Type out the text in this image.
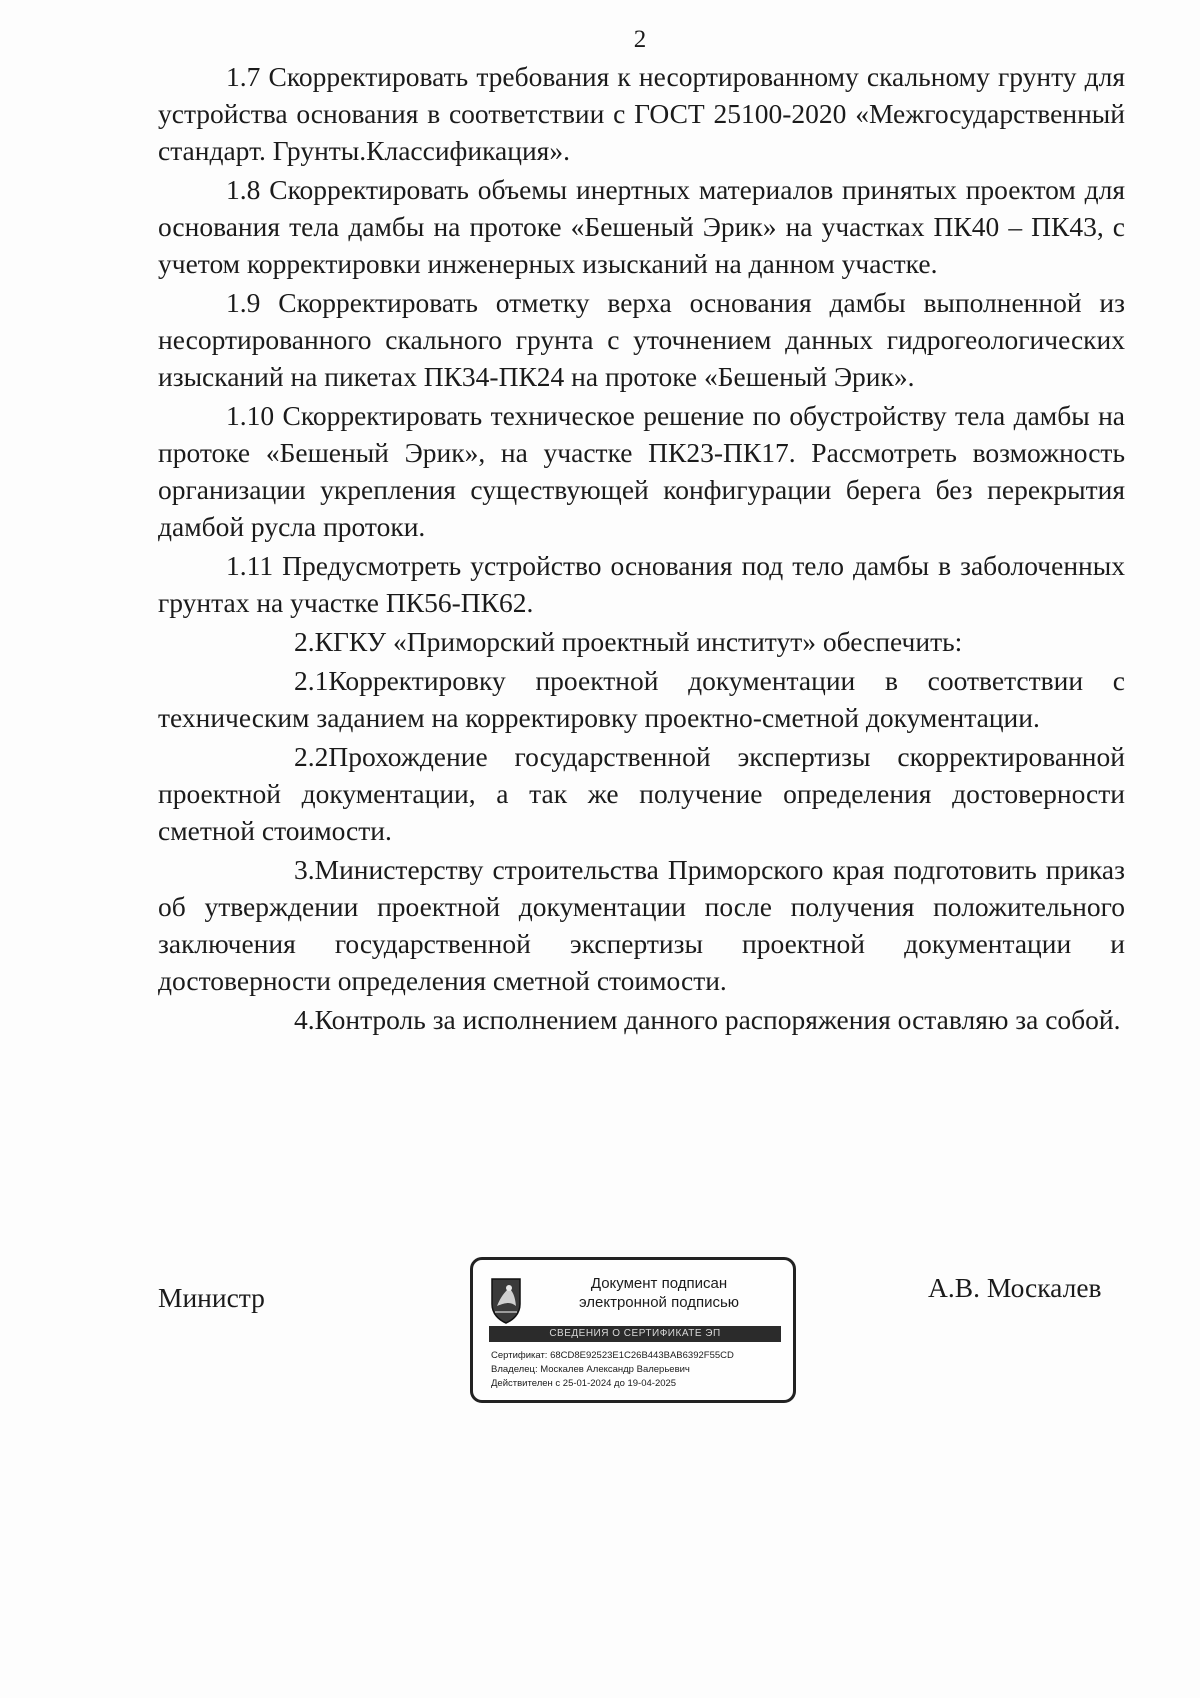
2

1.7 Скорректировать требования к несортированному скальному грунту для устройства основания в соответствии с ГОСТ 25100-2020 «Межгосударственный стандарт. Грунты.Классификация».

1.8 Скорректировать объемы инертных материалов принятых проектом для основания тела дамбы на протоке «Бешеный Эрик» на участках ПК40 – ПК43, с учетом корректировки инженерных изысканий на данном участке.

1.9 Скорректировать отметку верха основания дамбы выполненной из несортированного скального грунта с уточнением данных гидрогеологических изысканий на пикетах ПК34-ПК24 на протоке «Бешеный Эрик».

1.10 Скорректировать техническое решение по обустройству тела дамбы на протоке «Бешеный Эрик», на участке ПК23-ПК17. Рассмотреть возможность организации укрепления существующей конфигурации берега без перекрытия дамбой русла протоки.

1.11 Предусмотреть устройство основания под тело дамбы в заболоченных грунтах на участке ПК56-ПК62.

2.КГКУ «Приморский проектный институт» обеспечить:

2.1Корректировку проектной документации в соответствии с техническим заданием на корректировку проектно-сметной документации.

2.2Прохождение государственной экспертизы скорректированной проектной документации, а так же получение определения достоверности сметной стоимости.

3.Министерству строительства Приморского края подготовить приказ об утверждении проектной документации после получения положительного заключения государственной экспертизы проектной документации и достоверности определения сметной стоимости.

4.Контроль за исполнением данного распоряжения оставляю за собой.

Министр	Документ подписан
электронной подписью
СВЕДЕНИЯ О СЕРТИФИКАТЕ ЭП
Сертификат: 68CD8E92523E1C26B443BAB6392F55CD
Владелец: Москалев Александр Валерьевич
Действителен с 25-01-2024 до 19-04-2025
А.В. Москалев
